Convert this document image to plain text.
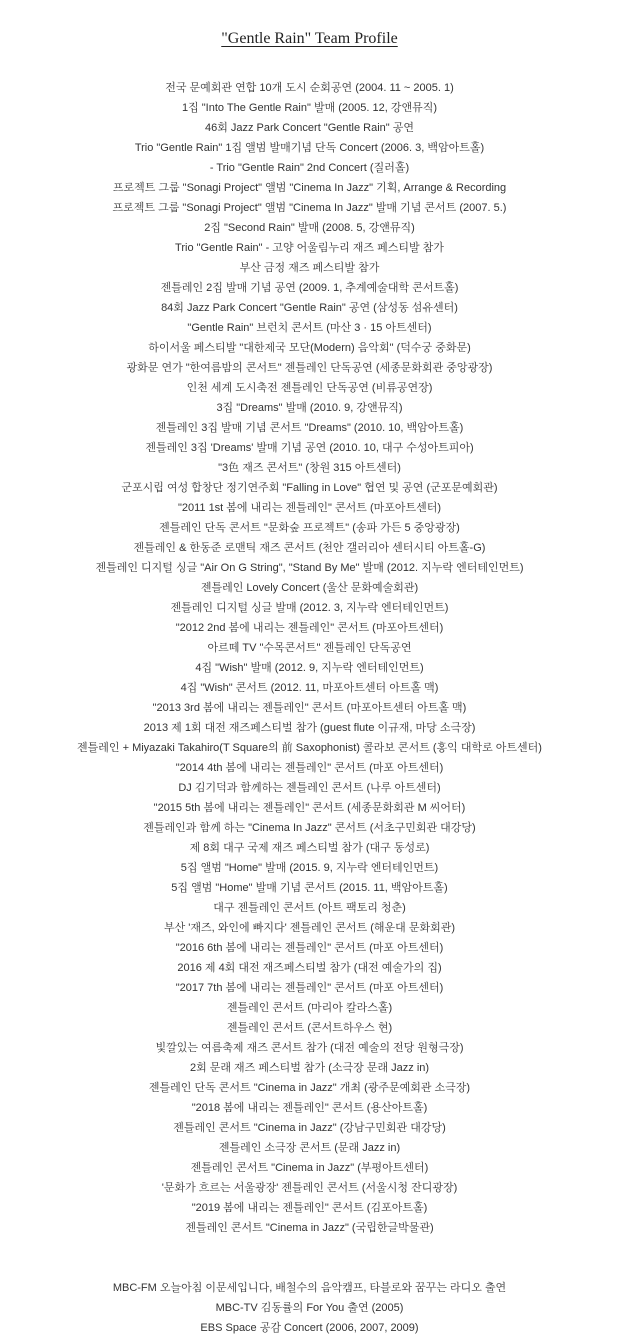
"Gentle Rain" Team Profile
전국 문예회관 연합 10개 도시 순회공연 (2004. 11 ~ 2005. 1)
1집 "Into The Gentle Rain" 발매 (2005. 12, 강앤뮤직)
46회 Jazz Park Concert "Gentle Rain" 공연
Trio "Gentle Rain" 1집 앨범 발매기념 단독 Concert (2006. 3, 백암아트홀)
- Trio "Gentle Rain" 2nd Concert (질러홀)
프로젝트 그룹 "Sonagi Project" 앨범 "Cinema In Jazz" 기획, Arrange & Recording
프로젝트 그룹 "Sonagi Project" 앨범 "Cinema In Jazz" 발매 기념 콘서트 (2007. 5.)
2집 "Second Rain" 발매 (2008. 5, 강앤뮤직)
Trio "Gentle Rain" - 고양 어울림누리 재즈 페스티발 참가
부산 금정 재즈 페스티발 참가
젠틀레인 2집 발매 기념 공연 (2009. 1, 추계예술대학 콘서트홀)
84회 Jazz Park Concert "Gentle Rain" 공연 (삼성동 섬유센터)
"Gentle Rain" 브런치 콘서트 (마산 3 · 15 아트센터)
하이서울 페스티발 "대한제국 모단(Modern) 음악회" (덕수궁 중화문)
광화문 연가 "한여름밤의 콘서트" 젠틀레인 단독공연 (세종문화회관 중앙광장)
인천 세계 도시축전 젠틀레인 단독공연 (비류공연장)
3집 "Dreams" 발매 (2010. 9, 강앤뮤직)
젠틀레인 3집 발매 기념 콘서트 "Dreams" (2010. 10, 백암아트홀)
젠틀레인 3집 'Dreams' 발매 기념 공연 (2010. 10, 대구 수성아트피아)
"3色 재즈 콘서트" (창원 315 아트센터)
군포시립 여성 합창단 정기연주회 "Falling in Love" 협연 및 공연 (군포문예회관)
"2011 1st 봄에 내리는 젠틀레인" 콘서트 (마포아트센터)
젠틀레인 단독 콘서트 "문화숲 프로젝트" (송파 가든 5 중앙광장)
젠틀레인 & 한동준 로맨틱 재즈 콘서트 (천안 갤러리아 센터시티 아트홀-G)
젠틀레인 디지털 싱글 "Air On G String", "Stand By Me" 발매 (2012. 지누락 엔터테인먼트)
젠틀레인 Lovely Concert (울산 문화예술회관)
젠틀레인 디지털 싱글 발매 (2012. 3, 지누락 엔터테인먼트)
"2012 2nd 봄에 내리는 젠틀레인" 콘서트 (마포아트센터)
아르떼 TV "수목콘서트" 젠틀레인 단독공연
4집 "Wish" 발매 (2012. 9, 지누락 엔터테인먼트)
4집 "Wish" 콘서트 (2012. 11, 마포아트센터 아트홀 맥)
"2013 3rd 봄에 내리는 젠틀레인" 콘서트 (마포아트센터 아트홀 맥)
2013 제 1회 대전 재즈페스티벌 참가 (guest flute 이규재, 마당 소극장)
젠틀레인 + Miyazaki Takahiro(T Square의 前 Saxophonist) 콜라보 콘서트 (홍익 대학로 아트센터)
"2014 4th 봄에 내리는 젠틀레인" 콘서트 (마포 아트센터)
DJ 김기덕과 함께하는 젠틀레인 콘서트 (나루 아트센터)
"2015 5th 봄에 내리는 젠틀레인" 콘서트 (세종문화회관 M 씨어터)
젠틀레인과 함께 하는 "Cinema In Jazz" 콘서트 (서초구민회관 대강당)
제 8회 대구 국제 재즈 페스티벌 참가 (대구 동성로)
5집 앨범 "Home" 발매 (2015. 9, 지누락 엔터테인먼트)
5집 앨범 "Home" 발매 기념 콘서트 (2015. 11, 백암아트홀)
대구 젠틀레인 콘서트 (아트 팩토리 청춘)
부산 '재즈, 와인에 빠지다' 젠틀레인 콘서트 (해운대 문화회관)
"2016 6th 봄에 내리는 젠틀레인" 콘서트 (마포 아트센터)
2016 제 4회 대전 재즈페스티벌 참가 (대전 예술가의 집)
"2017 7th 봄에 내리는 젠틀레인" 콘서트 (마포 아트센터)
젠틀레인 콘서트 (마리아 칼라스홀)
젠틀레인 콘서트 (콘서트하우스 현)
빛깔있는 여름축제 재즈 콘서트 참가 (대전 예술의 전당 원형극장)
2회 문래 재즈 페스티벌 참가 (소극장 문래 Jazz in)
젠틀레인 단독 콘서트 "Cinema in Jazz" 개최 (광주문예회관 소극장)
"2018 봄에 내리는 젠틀레인" 콘서트 (용산아트홀)
젠틀레인 콘서트 "Cinema in Jazz" (강남구민회관 대강당)
젠틀레인 소극장 콘서트 (문래 Jazz in)
젠틀레인 콘서트 "Cinema in Jazz" (부평아트센터)
'문화가 흐르는 서울광장' 젠틀레인 콘서트 (서울시청 잔디광장)
"2019 봄에 내리는 젠틀레인" 콘서트 (김포아트홀)
젠틀레인 콘서트 "Cinema in Jazz" (국립한글박물관)
MBC-FM 오늘아침 이문세입니다, 배철수의 음악캠프, 타블로와 꿈꾸는 라디오 출연
MBC-TV 김동률의 For You 출연 (2005)
EBS Space 공감 Concert (2006, 2007, 2009)
